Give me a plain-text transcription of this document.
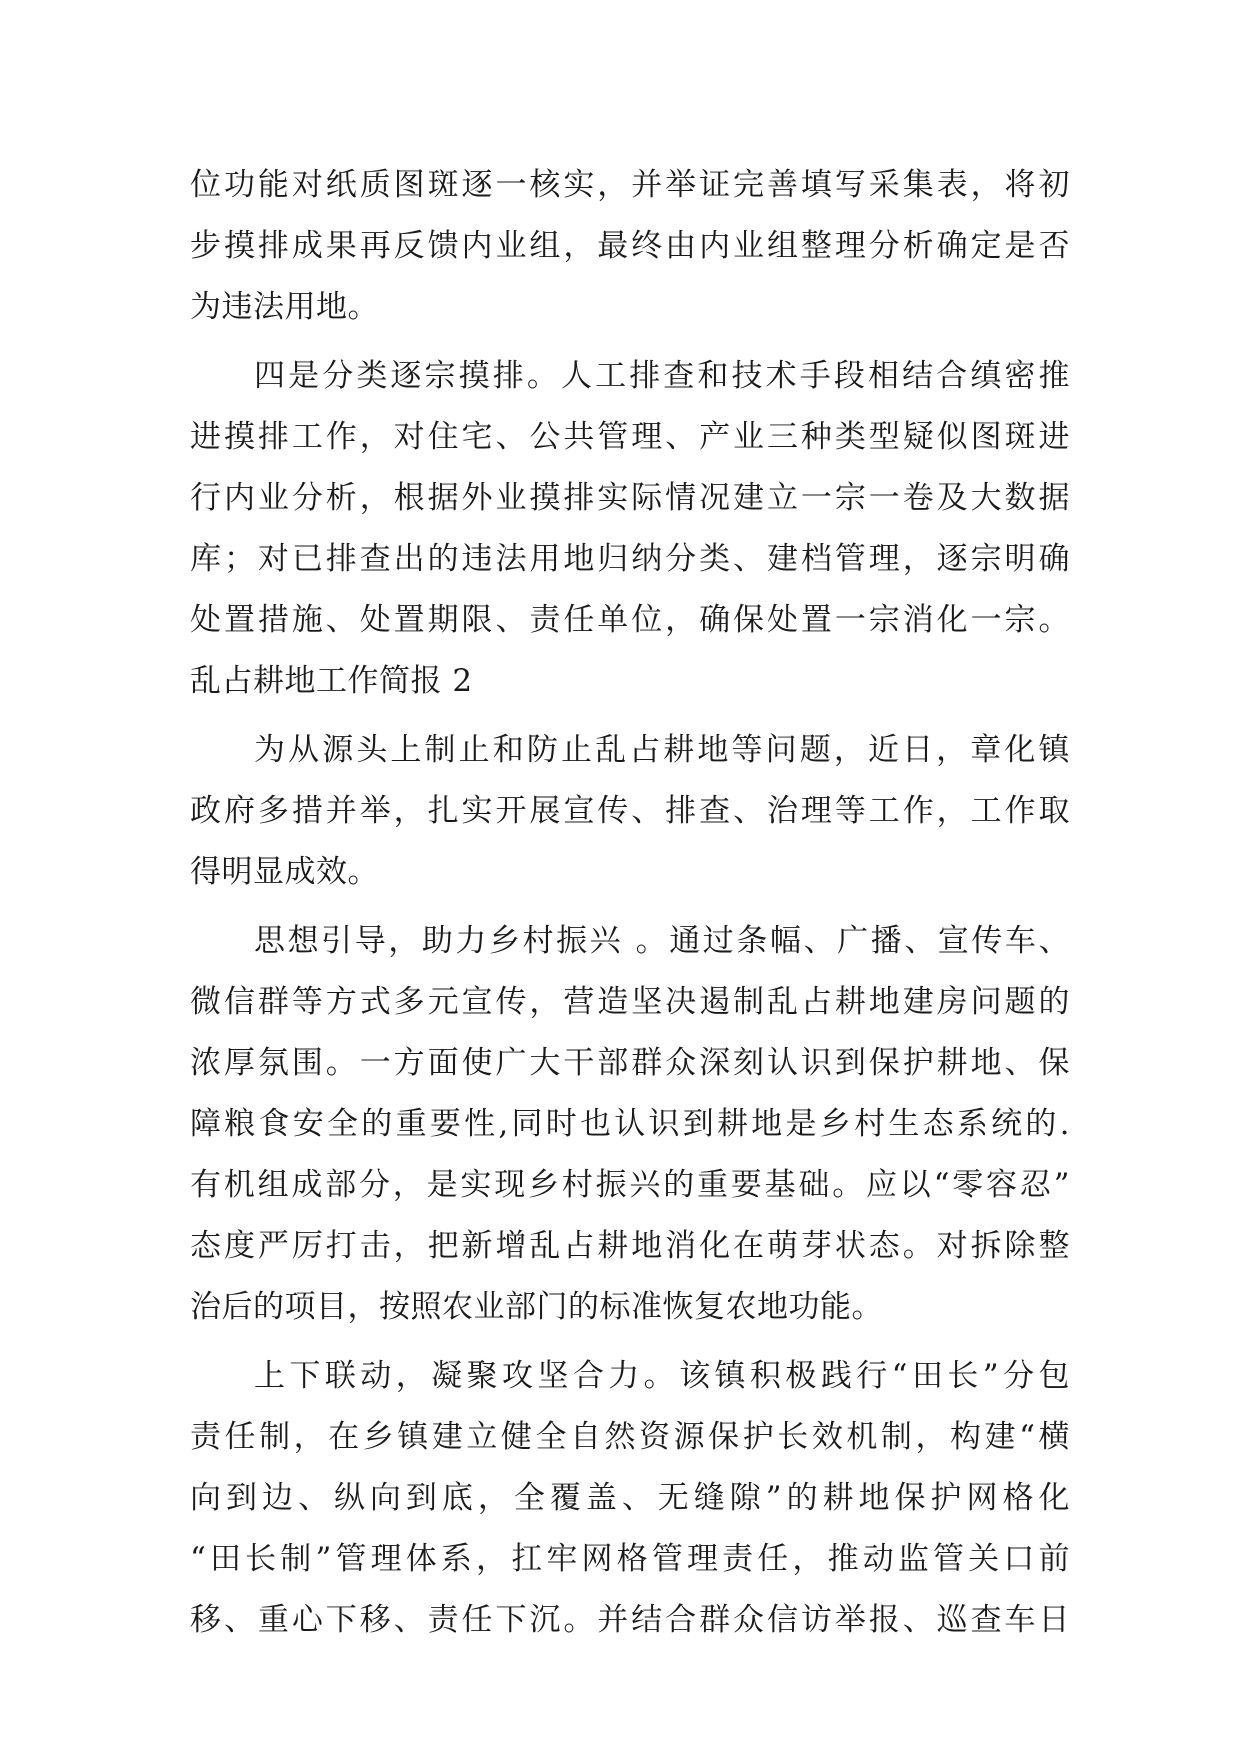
位功能对纸质图斑逐一核实，并举证完善填写采集表，将初
步摸排成果再反馈内业组，最终由内业组整理分析确定是否
为违法用地。
四是分类逐宗摸排。人工排查和技术手段相结合缜密推
进摸排工作，对住宅、公共管理、产业三种类型疑似图斑进
行内业分析，根据外业摸排实际情况建立一宗一卷及大数据
库；对已排查出的违法用地归纳分类、建档管理，逐宗明确
处置措施、处置期限、责任单位，确保处置一宗消化一宗。
乱占耕地工作简报 2
为从源头上制止和防止乱占耕地等问题，近日，章化镇
政府多措并举，扎实开展宣传、排查、治理等工作，工作取
得明显成效。
思想引导，助力乡村振兴 。通过条幅、广播、宣传车、
微信群等方式多元宣传，营造坚决遏制乱占耕地建房问题的
浓厚氛围。一方面使广大干部群众深刻认识到保护耕地、保
障粮食安全的重要性,同时也认识到耕地是乡村生态系统的.
有机组成部分，是实现乡村振兴的重要基础。应以“零容忍”
态度严厉打击，把新增乱占耕地消化在萌芽状态。对拆除整
治后的项目，按照农业部门的标准恢复农地功能。
上下联动，凝聚攻坚合力。该镇积极践行“田长”分包
责任制，在乡镇建立健全自然资源保护长效机制，构建“横
向到边、纵向到底，全覆盖、无缝隙”的耕地保护网格化
“田长制”管理体系，扛牢网格管理责任，推动监管关口前
移、重心下移、责任下沉。并结合群众信访举报、巡查车日
